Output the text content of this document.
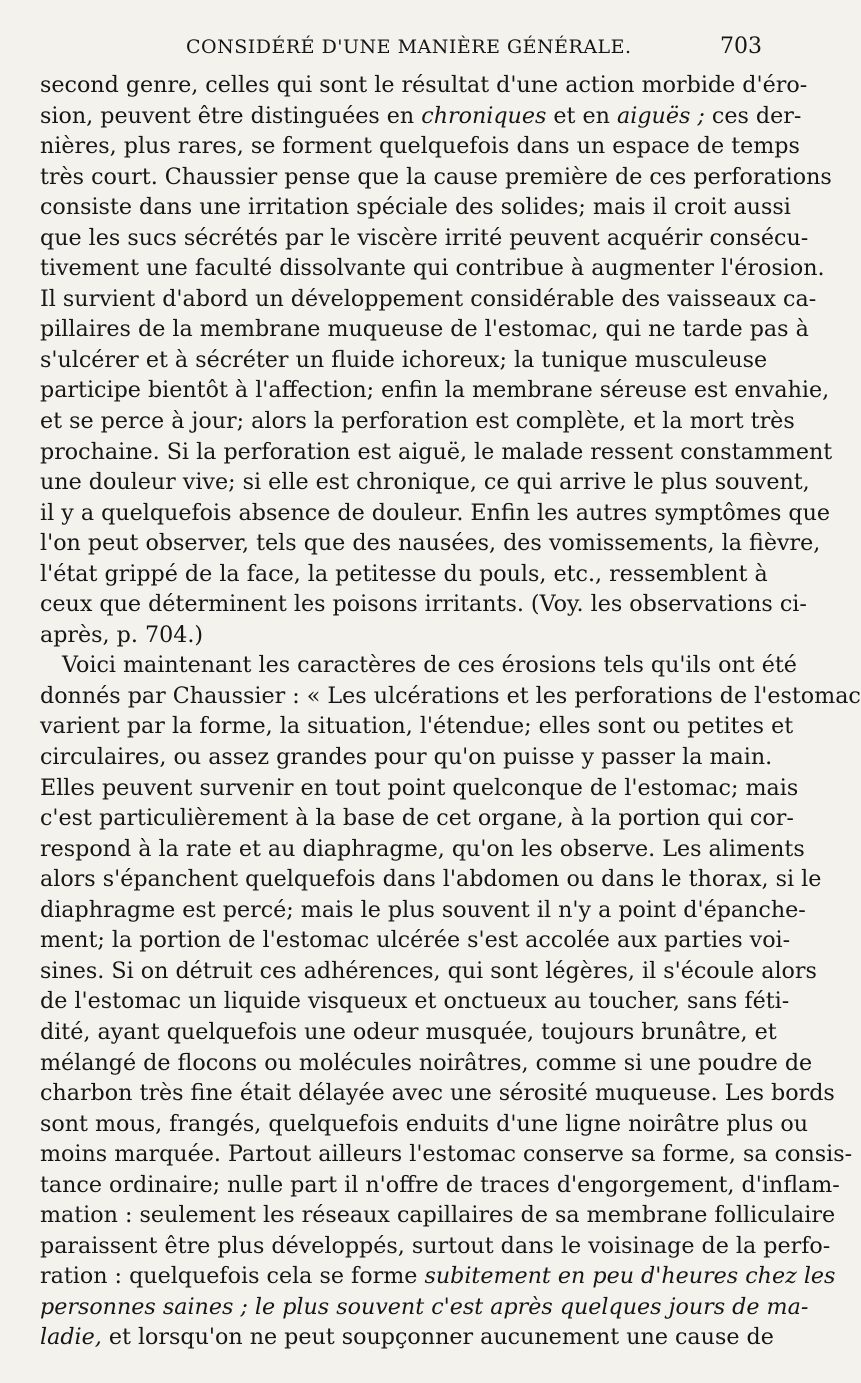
CONSIDÉRÉ D'UNE MANIÈRE GÉNÉRALE.	703
second genre, celles qui sont le résultat d'une action morbide d'éro-
sion, peuvent être distinguées en chroniques et en aiguës ; ces der-
nières, plus rares, se forment quelquefois dans un espace de temps
très court. Chaussier pense que la cause première de ces perforations
consiste dans une irritation spéciale des solides; mais il croit aussi
que les sucs sécrétés par le viscère irrité peuvent acquérir consécu-
tivement une faculté dissolvante qui contribue à augmenter l'érosion.
Il survient d'abord un développement considérable des vaisseaux ca-
pillaires de la membrane muqueuse de l'estomac, qui ne tarde pas à
s'ulcérer et à sécréter un fluide ichoreux; la tunique musculeuse
participe bientôt à l'affection; enfin la membrane séreuse est envahie,
et se perce à jour; alors la perforation est complète, et la mort très
prochaine. Si la perforation est aiguë, le malade ressent constamment
une douleur vive; si elle est chronique, ce qui arrive le plus souvent,
il y a quelquefois absence de douleur. Enfin les autres symptômes que
l'on peut observer, tels que des nausées, des vomissements, la fièvre,
l'état grippé de la face, la petitesse du pouls, etc., ressemblent à
ceux que déterminent les poisons irritants. (Voy. les observations ci-
après, p. 704.)
Voici maintenant les caractères de ces érosions tels qu'ils ont été
donnés par Chaussier : « Les ulcérations et les perforations de l'estomac
varient par la forme, la situation, l'étendue; elles sont ou petites et
circulaires, ou assez grandes pour qu'on puisse y passer la main.
Elles peuvent survenir en tout point quelconque de l'estomac; mais
c'est particulièrement à la base de cet organe, à la portion qui cor-
respond à la rate et au diaphragme, qu'on les observe. Les aliments
alors s'épanchent quelquefois dans l'abdomen ou dans le thorax, si le
diaphragme est percé; mais le plus souvent il n'y a point d'épanche-
ment; la portion de l'estomac ulcérée s'est accolée aux parties voi-
sines. Si on détruit ces adhérences, qui sont légères, il s'écoule alors
de l'estomac un liquide visqueux et onctueux au toucher, sans féti-
dité, ayant quelquefois une odeur musquée, toujours brunâtre, et
mélangé de flocons ou molécules noirâtres, comme si une poudre de
charbon très fine était délayée avec une sérosité muqueuse. Les bords
sont mous, frangés, quelquefois enduits d'une ligne noirâtre plus ou
moins marquée. Partout ailleurs l'estomac conserve sa forme, sa consis-
tance ordinaire; nulle part il n'offre de traces d'engorgement, d'inflam-
mation : seulement les réseaux capillaires de sa membrane folliculaire
paraissent être plus développés, surtout dans le voisinage de la perfo-
ration : quelquefois cela se forme subitement en peu d'heures chez les
personnes saines ; le plus souvent c'est après quelques jours de ma-
ladie, et lorsqu'on ne peut soupçonner aucunement une cause de
